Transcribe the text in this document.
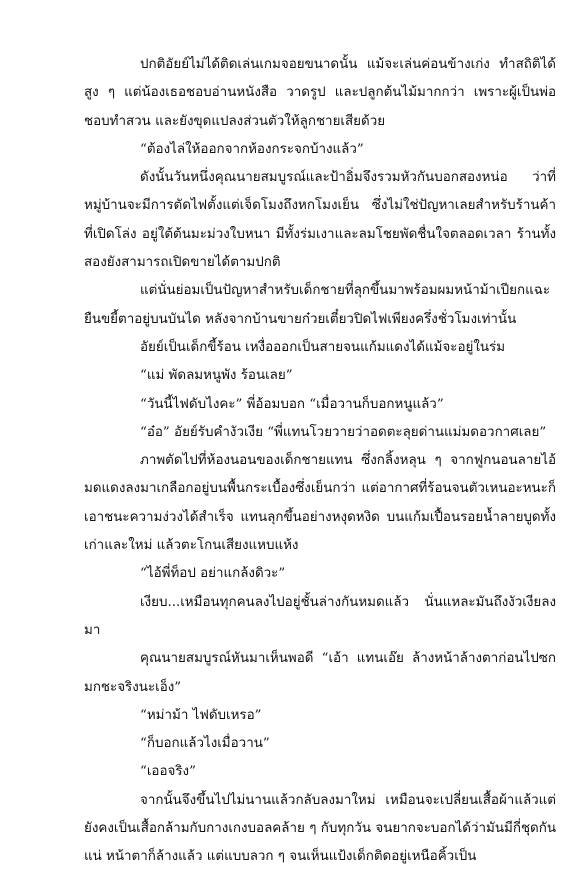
ปกติอัยย์ไม่ได้ติดเล่นเกมจอยขนาดนั้น แม้จะเล่นค่อนข้างเก่ง ทำสถิติได้สูง ๆ แต่น้องเธอชอบอ่านหนังสือ วาดรูป และปลูกต้นไม้มากกว่า เพราะผู้เป็นพ่อชอบทำสวน และยังขุดแปลงส่วนตัวให้ลูกชายเสียด้วย

“ต้องไล่ให้ออกจากห้องกระจกบ้างแล้ว”

ดังนั้นวันหนึ่งคุณนายสมบูรณ์และป้าอิ่มจึงรวมหัวกันบอกสองหน่อ ว่าที่หมู่บ้านจะมีการตัดไฟตั้งแต่เจ็ดโมงถึงหกโมงเย็น ซึ่งไม่ใช่ปัญหาเลยสำหรับร้านค้าที่เปิดโล่ง อยู่ใต้ต้นมะม่วงใบหนา มีทั้งร่มเงาและลมโชยพัดชื่นใจตลอดเวลา ร้านทั้งสองยังสามารถเปิดขายได้ตามปกติ

แต่นั่นย่อมเป็นปัญหาสำหรับเด็กชายที่ลุกขึ้นมาพร้อมผมหน้าม้าเปียกแฉะ ยืนขยี้ตาอยู่บนบันได หลังจากบ้านขายก๋วยเตี๋ยวปิดไฟเพียงครึ่งชั่วโมงเท่านั้น

อัยย์เป็นเด็กขี้ร้อน เหงื่อออกเป็นสายจนแก้มแดงได้แม้จะอยู่ในร่ม

“แม่ พัดลมหนูพัง ร้อนเลย”

“วันนี้ไฟดับไงคะ” พี่อ้อมบอก “เมื่อวานก็บอกหนูแล้ว”

“อ๋อ” อัยย์รับคำงัวเงีย “พี่แทนโวยวายว่าอดตะลุยด่านแม่มดอวกาศเลย”

ภาพตัดไปที่ห้องนอนของเด็กชายแทน ซึ่งกลิ้งหลุน ๆ จากฟูกนอนลายไอ้มดแดงลงมาเกลือกอยู่บนพื้นกระเบื้องซึ่งเย็นกว่า แต่อากาศที่ร้อนจนตัวเหนอะหนะก็เอาชนะความง่วงได้สำเร็จ แทนลุกขึ้นอย่างหงุดหงิด บนแก้มเปื้อนรอยน้ำลายบูดทั้งเก่าและใหม่ แล้วตะโกนเสียงแหบแห้ง

“ไอ้พี่ท็อป อย่าแกล้งดิวะ”

เงียบ...เหมือนทุกคนลงไปอยู่ชั้นล่างกันหมดแล้ว นั่นแหละมันถึงงัวเงียลงมา

คุณนายสมบูรณ์หันมาเห็นพอดี “เอ้า แทนเอ๊ย ล้างหน้าล้างตาก่อนไปซกมกชะจริงนะเอ็ง”

“หม่าม้า ไฟดับเหรอ”

“ก็บอกแล้วไงเมื่อวาน”

“เออจริง”

จากนั้นจึงขึ้นไปไม่นานแล้วกลับลงมาใหม่ เหมือนจะเปลี่ยนเสื้อผ้าแล้วแต่ยังคงเป็นเสื้อกล้ามกับกางเกงบอลคล้าย ๆ กับทุกวัน จนยากจะบอกได้ว่ามันมีกี่ชุดกันแน่ หน้าตาก็ล้างแล้ว แต่แบบลวก ๆ จนเห็นแป้งเด็กติดอยู่เหนือคิ้วเป็น
